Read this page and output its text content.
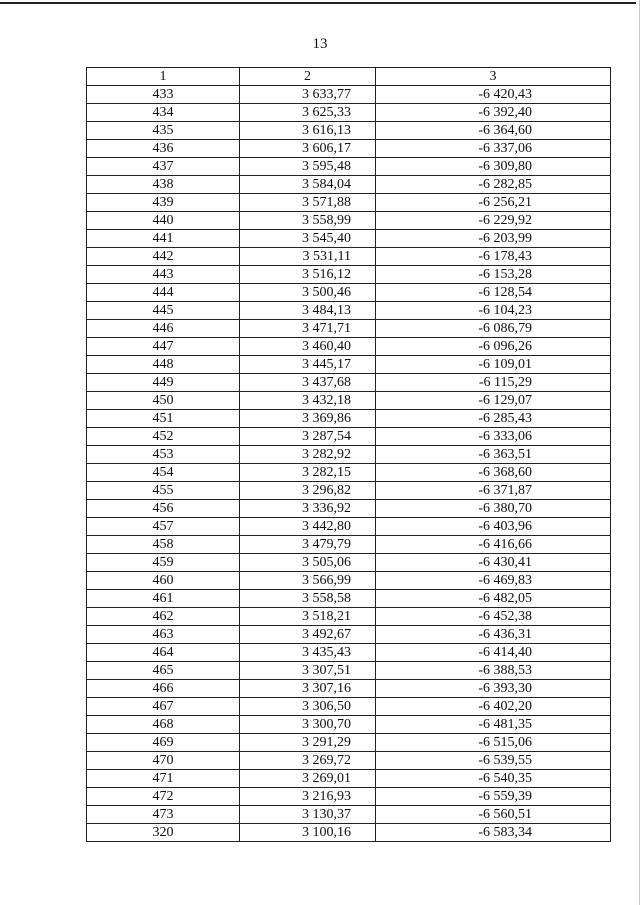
13
1	2	3
433	3 633,77	-6 420,43
434	3 625,33	-6 392,40
435	3 616,13	-6 364,60
436	3 606,17	-6 337,06
437	3 595,48	-6 309,80
438	3 584,04	-6 282,85
439	3 571,88	-6 256,21
440	3 558,99	-6 229,92
441	3 545,40	-6 203,99
442	3 531,11	-6 178,43
443	3 516,12	-6 153,28
444	3 500,46	-6 128,54
445	3 484,13	-6 104,23
446	3 471,71	-6 086,79
447	3 460,40	-6 096,26
448	3 445,17	-6 109,01
449	3 437,68	-6 115,29
450	3 432,18	-6 129,07
451	3 369,86	-6 285,43
452	3 287,54	-6 333,06
453	3 282,92	-6 363,51
454	3 282,15	-6 368,60
455	3 296,82	-6 371,87
456	3 336,92	-6 380,70
457	3 442,80	-6 403,96
458	3 479,79	-6 416,66
459	3 505,06	-6 430,41
460	3 566,99	-6 469,83
461	3 558,58	-6 482,05
462	3 518,21	-6 452,38
463	3 492,67	-6 436,31
464	3 435,43	-6 414,40
465	3 307,51	-6 388,53
466	3 307,16	-6 393,30
467	3 306,50	-6 402,20
468	3 300,70	-6 481,35
469	3 291,29	-6 515,06
470	3 269,72	-6 539,55
471	3 269,01	-6 540,35
472	3 216,93	-6 559,39
473	3 130,37	-6 560,51
320	3 100,16	-6 583,34
